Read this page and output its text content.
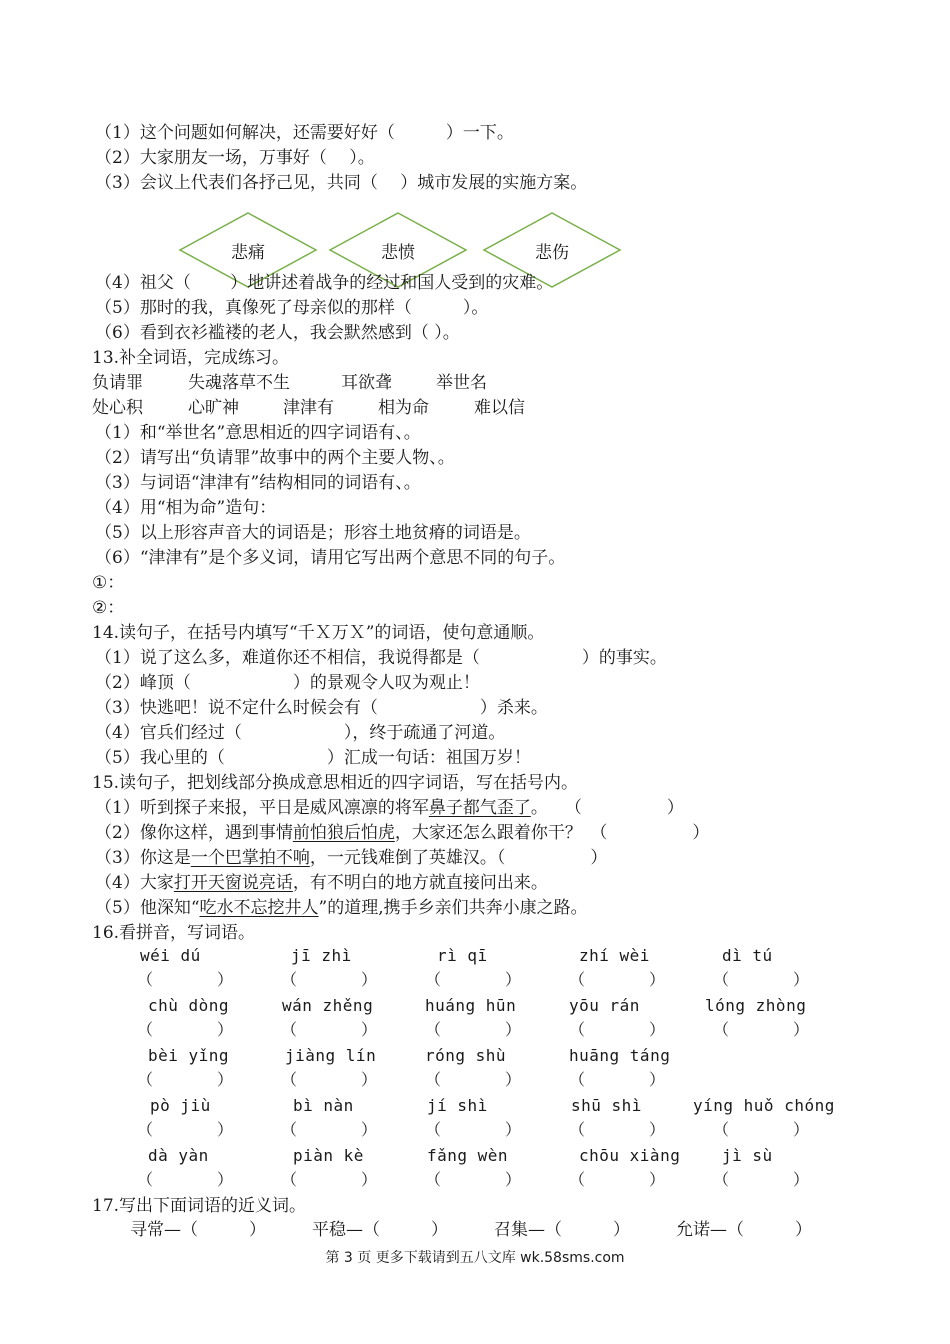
（1）这个问题如何解决，还需要好好（　　　）一下。
（2）大家朋友一场，万事好（　 ）。
（3）会议上代表们各抒己见，共同（　 ）城市发展的实施方案。
悲痛	悲愤	悲伤
（4）祖父（　　 ）地讲述着战争的经过和国人受到的灾难。
（5）那时的我，真像死了母亲似的那样（　　　）。
（6）看到衣衫褴褛的老人，我会默然感到（ ）。
13.补全词语，完成练习。
负请罪	失魂落草不生	耳欲聋	举世名
处心积	心旷神	津津有	相为命	难以信
（1）和“举世名”意思相近的四字词语有、。
（2）请写出“负请罪”故事中的两个主要人物、。
（3）与词语“津津有”结构相同的词语有、。
（4）用“相为命”造句：
（5）以上形容声音大的词语是；形容土地贫瘠的词语是。
（6）“津津有”是个多义词，请用它写出两个意思不同的句子。
①：
②：
14.读句子，在括号内填写“千Ｘ万Ｘ”的词语，使句意通顺。
（1）说了这么多，难道你还不相信，我说得都是（　　　　　　）的事实。
（2）峰顶（　　　　　　）的景观令人叹为观止！
（3）快逃吧！说不定什么时候会有（　　　　　　）杀来。
（4）官兵们经过（　　　　　　），终于疏通了河道。
（5）我心里的（　　　　　　）汇成一句话：祖国万岁！
15.读句子，把划线部分换成意思相近的四字词语，写在括号内。
（1）听到探子来报，平日是威风凛凛的将军鼻子都气歪了。　　（　　　　　）
（2）像你这样，遇到事情前怕狼后怕虎，大家还怎么跟着你干？　（　　　　　）
（3）你这是一个巴掌拍不响，一元钱难倒了英雄汉。（　　　　　）
（4）大家打开天窗说亮话，有不明白的地方就直接问出来。
（5）他深知“吃水不忘挖井人”的道理,携手乡亲们共奔小康之路。
16.看拼音，写词语。
wéi dú	jī zhì	rì qī	zhí wèi	dì tú
（　　　　）	（　　　　）	（　　　　）	（　　　　）	（　　　　）
chù dòng	wán zhěng	huáng hūn	yōu rán	lóng zhòng
（　　　　）	（　　　　）	（　　　　）	（　　　　）	（　　　　）
bèi yǐng	jiàng lín	róng shù	huāng táng
（　　　　）	（　　　　）	（　　　　）	（　　　　）
pò jiù	bì nàn	jí shì	shū shì	yíng huǒ chóng
（　　　　）	（　　　　）	（　　　　）	（　　　　）	（　　　　）
dà yàn	piàn kè	fǎng wèn	chōu xiàng	jì sù
（　　　　）	（　　　　）	（　　　　）	（　　　　）	（　　　　）
17.写出下面词语的近义词。
寻常—（　　　）	平稳—（　　　）	召集—（　　　）	允诺—（　　　）
第 3 页 更多下载请到五八文库 wk.58sms.com
